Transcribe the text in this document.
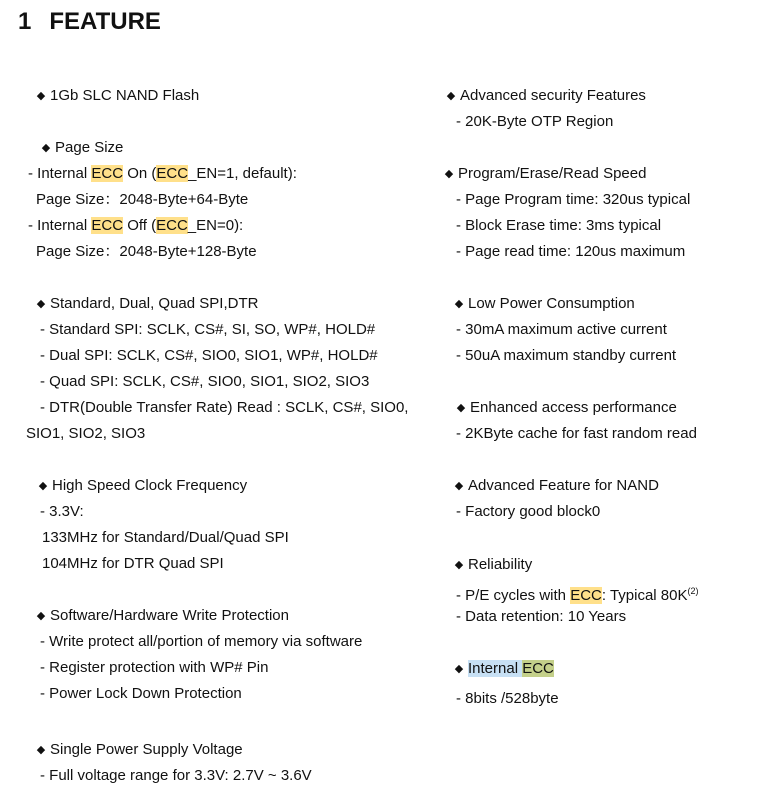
1 FEATURE
◆ 1Gb SLC NAND Flash
◆ Page Size
- Internal ECC On (ECC_EN=1, default):
Page Size：2048-Byte+64-Byte
- Internal ECC Off (ECC_EN=0):
Page Size：2048-Byte+128-Byte
◆ Standard, Dual, Quad SPI,DTR
- Standard SPI: SCLK, CS#, SI, SO, WP#, HOLD#
- Dual SPI: SCLK, CS#, SIO0, SIO1, WP#, HOLD#
- Quad SPI: SCLK, CS#, SIO0, SIO1, SIO2, SIO3
- DTR(Double Transfer Rate) Read : SCLK, CS#, SIO0,
SIO1, SIO2, SIO3
◆ High Speed Clock Frequency
- 3.3V:
133MHz for Standard/Dual/Quad SPI
104MHz for DTR Quad SPI
◆ Software/Hardware Write Protection
- Write protect all/portion of memory via software
- Register protection with WP# Pin
- Power Lock Down Protection
◆ Single Power Supply Voltage
- Full voltage range for 3.3V: 2.7V ~ 3.6V
◆ Advanced security Features
- 20K-Byte OTP Region
◆ Program/Erase/Read Speed
- Page Program time: 320us typical
- Block Erase time: 3ms typical
- Page read time: 120us maximum
◆ Low Power Consumption
- 30mA maximum active current
- 50uA maximum standby current
◆ Enhanced access performance
- 2KByte cache for fast random read
◆ Advanced Feature for NAND
- Factory good block0
◆ Reliability
- P/E cycles with ECC: Typical $80K^{(2)}$
- Data retention: 10 Years
◆ Internal ECC
- 8bits /528byte
